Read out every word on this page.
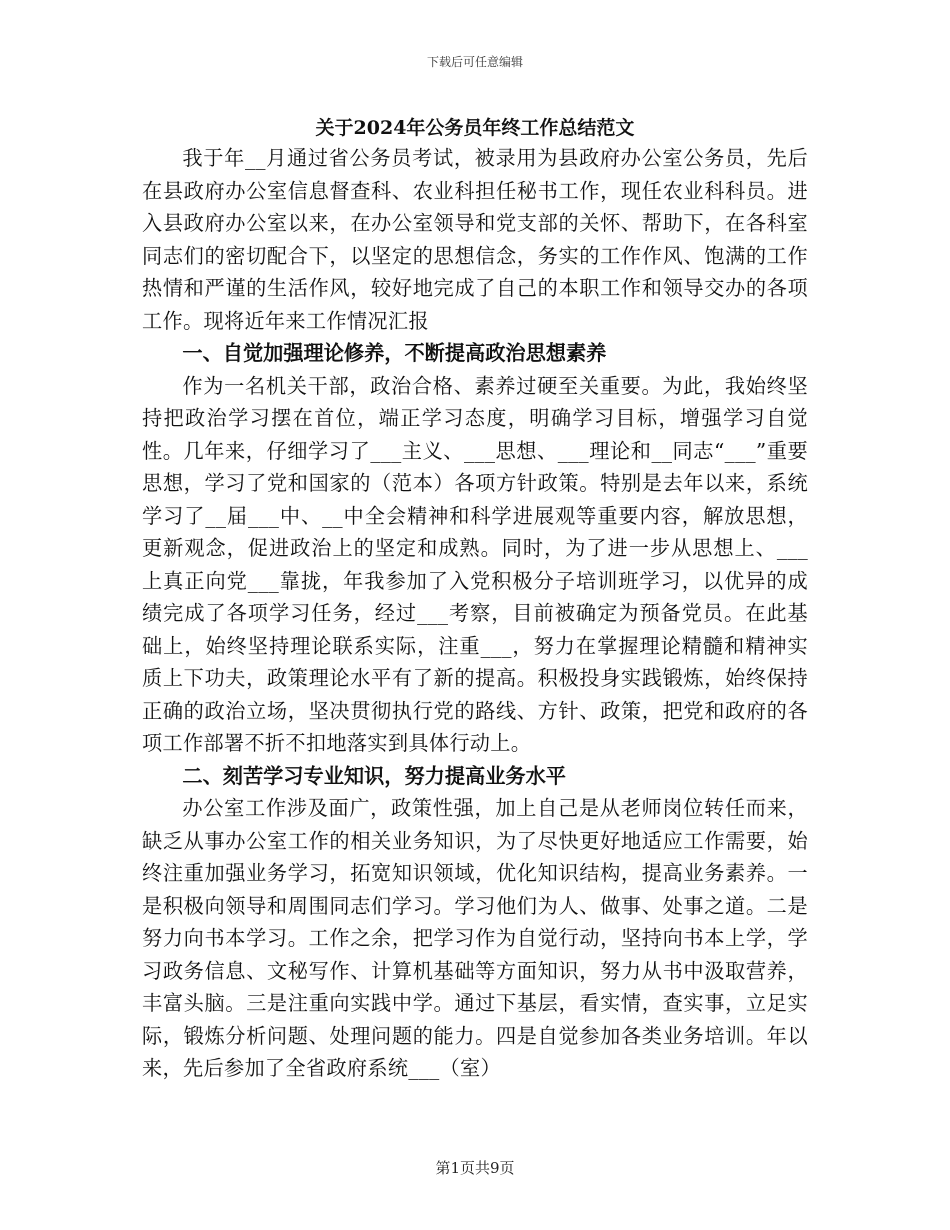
下载后可任意编辑
关于2024年公务员年终工作总结范文

我于年__月通过省公务员考试，被录用为县政府办公室公务员，先后在县政府办公室信息督查科、农业科担任秘书工作，现任农业科科员。进入县政府办公室以来，在办公室领导和党支部的关怀、帮助下，在各科室同志们的密切配合下，以坚定的思想信念，务实的工作作风、饱满的工作热情和严谨的生活作风，较好地完成了自己的本职工作和领导交办的各项工作。现将近年来工作情况汇报

一、自觉加强理论修养，不断提高政治思想素养

作为一名机关干部，政治合格、素养过硬至关重要。为此，我始终坚持把政治学习摆在首位，端正学习态度，明确学习目标，增强学习自觉性。几年来，仔细学习了___主义、___思想、___理论和__同志“___”重要思想，学习了党和国家的（范本）各项方针政策。特别是去年以来，系统学习了__届___中、__中全会精神和科学进展观等重要内容，解放思想，更新观念，促进政治上的坚定和成熟。同时，为了进一步从思想上、___上真正向党___靠拢，年我参加了入党积极分子培训班学习，以优异的成绩完成了各项学习任务，经过___考察，目前被确定为预备党员。在此基础上，始终坚持理论联系实际，注重___，努力在掌握理论精髓和精神实质上下功夫，政策理论水平有了新的提高。积极投身实践锻炼，始终保持正确的政治立场，坚决贯彻执行党的路线、方针、政策，把党和政府的各项工作部署不折不扣地落实到具体行动上。

二、刻苦学习专业知识，努力提高业务水平

办公室工作涉及面广，政策性强，加上自己是从老师岗位转任而来，缺乏从事办公室工作的相关业务知识，为了尽快更好地适应工作需要，始终注重加强业务学习，拓宽知识领域，优化知识结构，提高业务素养。一是积极向领导和周围同志们学习。学习他们为人、做事、处事之道。二是努力向书本学习。工作之余，把学习作为自觉行动，坚持向书本上学，学习政务信息、文秘写作、计算机基础等方面知识，努力从书中汲取营养，丰富头脑。三是注重向实践中学。通过下基层，看实情，查实事，立足实际，锻炼分析问题、处理问题的能力。四是自觉参加各类业务培训。年以来，先后参加了全省政府系统___（室）

第1页共9页
